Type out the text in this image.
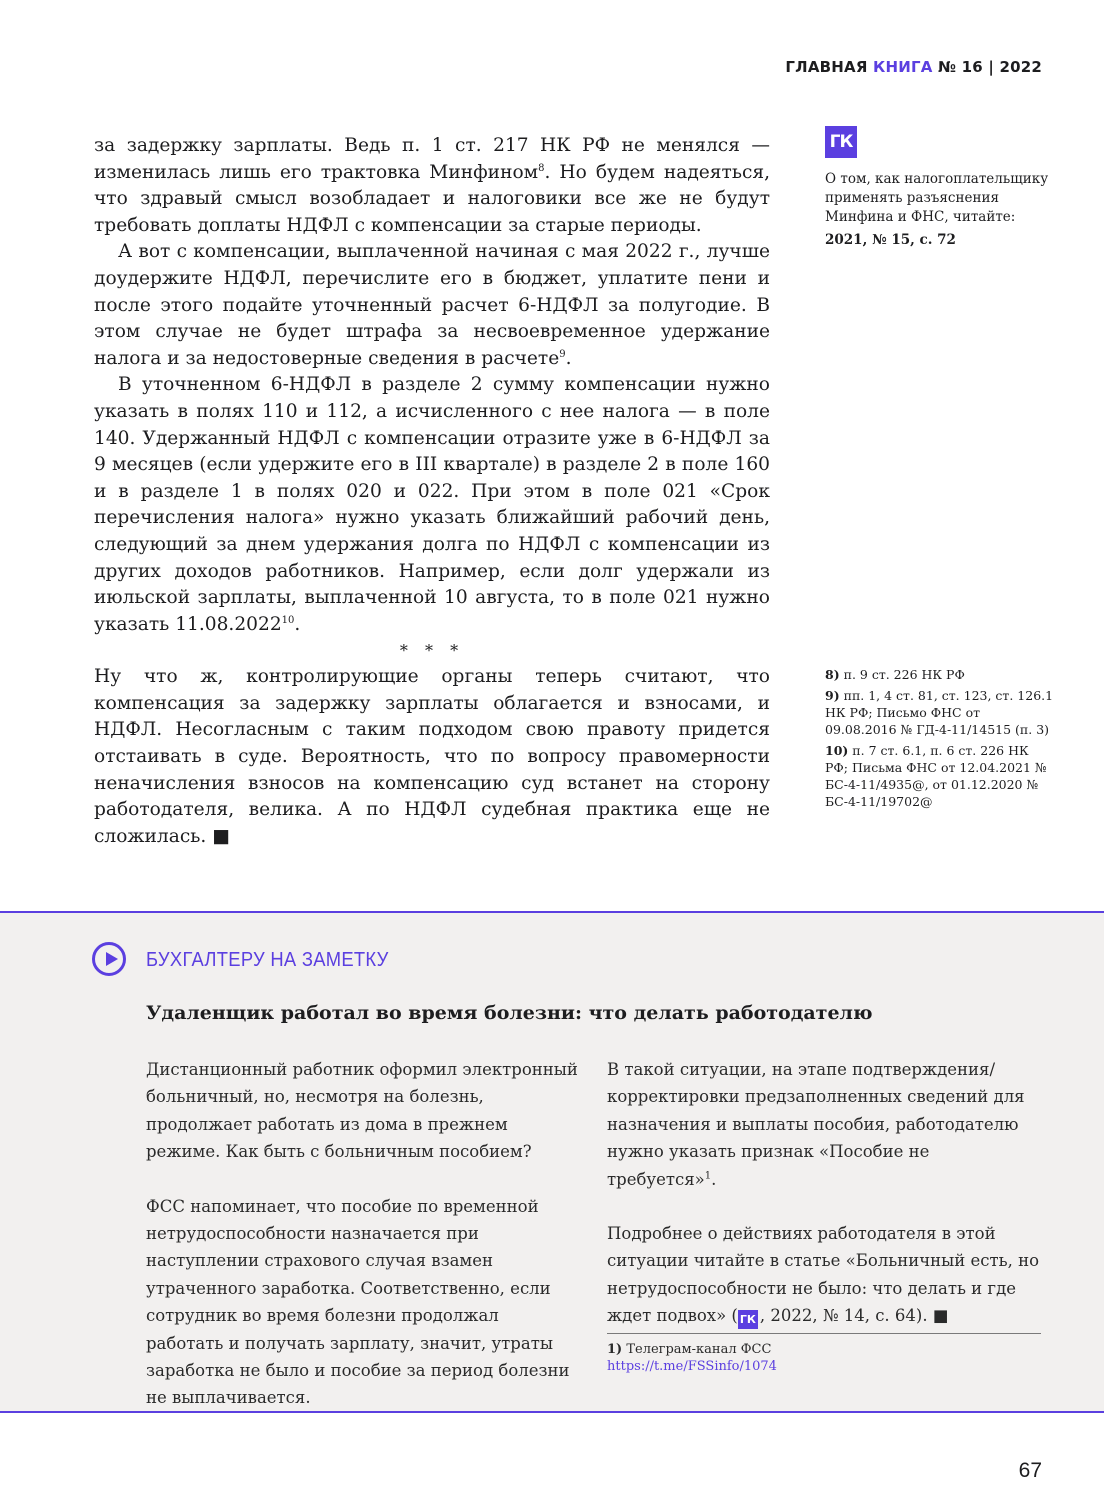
ГЛАВНАЯ КНИГА № 16 | 2022

за задержку зарплаты. Ведь п. 1 ст. 217 НК РФ не менялся — изменилась лишь его трактовка Минфином$^8$. Но будем надеяться, что здравый смысл возобладает и налоговики все же не будут требовать доплаты НДФЛ с компенсации за старые периоды.

А вот с компенсации, выплаченной начиная с мая 2022 г., лучше доудержите НДФЛ, перечислите его в бюджет, уплатите пени и после этого подайте уточненный расчет 6-НДФЛ за полугодие. В этом случае не будет штрафа за несвоевременное удержание налога и за недостоверные сведения в расчете$^9$.

В уточненном 6-НДФЛ в разделе 2 сумму компенсации нужно указать в полях 110 и 112, а исчисленного с нее налога — в поле 140. Удержанный НДФЛ с компенсации отразите уже в 6-НДФЛ за 9 месяцев (если удержите его в III квартале) в разделе 2 в поле 160 и в разделе 1 в полях 020 и 022. При этом в поле 021 «Срок перечисления налога» нужно указать ближайший рабочий день, следующий за днем удержания долга по НДФЛ с компенсации из других доходов работников. Например, если долг удержали из июльской зарплаты, выплаченной 10 августа, то в поле 021 нужно указать 11.08.2022$^{10}$.

* * *

Ну что ж, контролирующие органы теперь считают, что компенсация за задержку зарплаты облагается и взносами, и НДФЛ. Несогласным с таким подходом свою правоту придется отстаивать в суде. Вероятность, что по вопросу правомерности неначисления взносов на компенсацию суд встанет на сторону работодателя, велика. А по НДФЛ судебная практика еще не сложилась. ■

ГК
О том, как налогоплательщику применять разъяснения Минфина и ФНС, читайте:
2021, № 15, с. 72
8) п. 9 ст. 226 НК РФ
9) пп. 1, 4 ст. 81, ст. 123, ст. 126.1 НК РФ; Письмо ФНС от 09.08.2016 № ГД-4-11/14515 (п. 3)
10) п. 7 ст. 6.1, п. 6 ст. 226 НК РФ; Письма ФНС от 12.04.2021 № БС-4-11/4935@, от 01.12.2020 № БС-4-11/19702@
БУХГАЛТЕРУ НА ЗАМЕТКУ
Удаленщик работал во время болезни: что делать работодателю

Дистанционный работник оформил электронный больничный, но, несмотря на болезнь, продолжает работать из дома в прежнем режиме. Как быть с больничным пособием?

ФСС напоминает, что пособие по временной нетрудоспособности назначается при наступлении страхового случая взамен утраченного заработка. Соответственно, если сотрудник во время болезни продолжал работать и получать зарплату, значит, утраты заработка не было и пособие за период болезни не выплачивается.

В такой ситуации, на этапе подтверждения/корректировки предзаполненных сведений для назначения и выплаты пособия, работодателю нужно указать признак «Пособие не требуется»$^1$.

Подробнее о действиях работодателя в этой ситуации читайте в статье «Больничный есть, но нетрудоспособности не было: что делать и где ждет подвох» ( ГК , 2022, № 14, с. 64). ■

1) Телеграм-канал ФСС
https://t.me/FSSinfo/1074
67
